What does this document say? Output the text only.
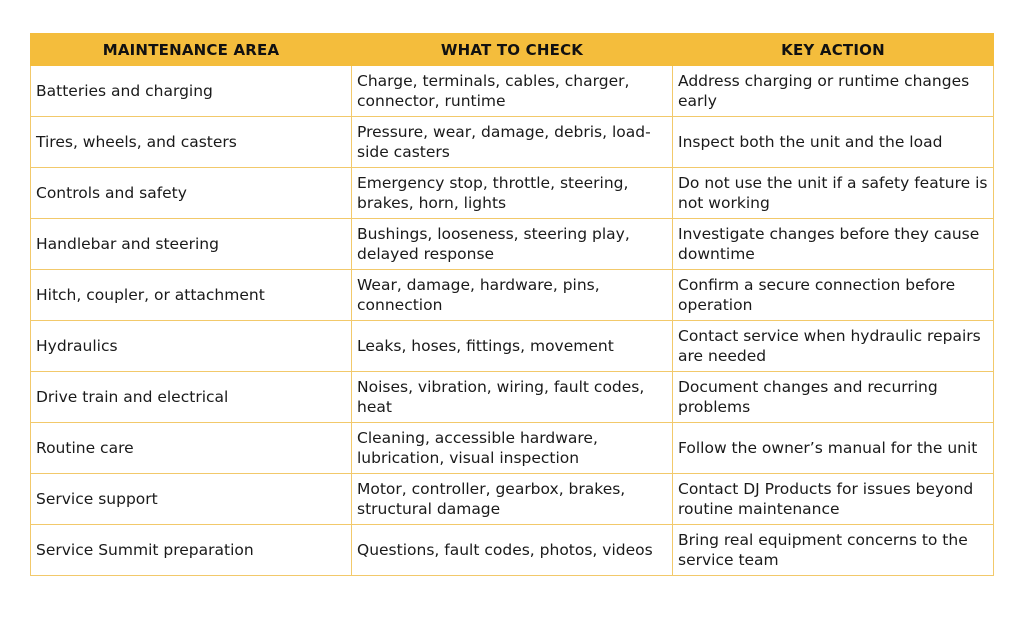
MAINTENANCE AREA	WHAT TO CHECK	KEY ACTION
Batteries and charging	Charge, terminals, cables, charger, connector, runtime	Address charging or runtime changes early
Tires, wheels, and casters	Pressure, wear, damage, debris, load-side casters	Inspect both the unit and the load
Controls and safety	Emergency stop, throttle, steering, brakes, horn, lights	Do not use the unit if a safety feature is not working
Handlebar and steering	Bushings, looseness, steering play, delayed response	Investigate changes before they cause downtime
Hitch, coupler, or attachment	Wear, damage, hardware, pins, connection	Confirm a secure connection before operation
Hydraulics	Leaks, hoses, fittings, movement	Contact service when hydraulic repairs are needed
Drive train and electrical	Noises, vibration, wiring, fault codes, heat	Document changes and recurring problems
Routine care	Cleaning, accessible hardware, lubrication, visual inspection	Follow the owner’s manual for the unit
Service support	Motor, controller, gearbox, brakes, structural damage	Contact DJ Products for issues beyond routine maintenance
Service Summit preparation	Questions, fault codes, photos, videos	Bring real equipment concerns to the service team
